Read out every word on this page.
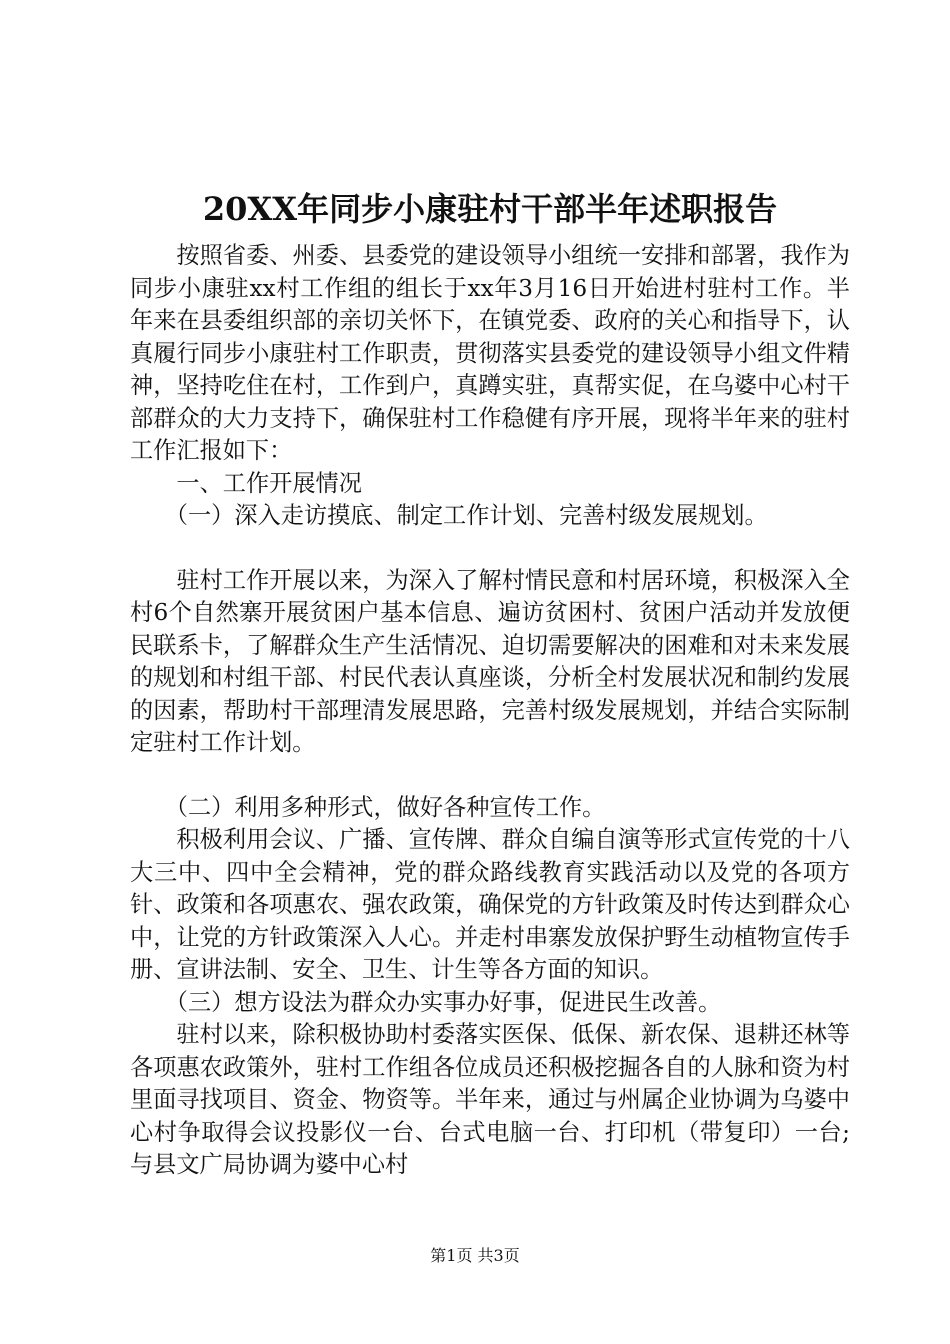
20XX年同步小康驻村干部半年述职报告

按照省委、州委、县委党的建设领导小组统一安排和部署，我作为同步小康驻xx村工作组的组长于xx年3月16日开始进村驻村工作。半年来在县委组织部的亲切关怀下，在镇党委、政府的关心和指导下，认真履行同步小康驻村工作职责，贯彻落实县委党的建设领导小组文件精神，坚持吃住在村，工作到户，真蹲实驻，真帮实促，在乌婆中心村干部群众的大力支持下，确保驻村工作稳健有序开展，现将半年来的驻村工作汇报如下：

一、工作开展情况

（一）深入走访摸底、制定工作计划、完善村级发展规划。

驻村工作开展以来，为深入了解村情民意和村居环境，积极深入全村6个自然寨开展贫困户基本信息、遍访贫困村、贫困户活动并发放便民联系卡，了解群众生产生活情况、迫切需要解决的困难和对未来发展的规划和村组干部、村民代表认真座谈，分析全村发展状况和制约发展的因素，帮助村干部理清发展思路，完善村级发展规划，并结合实际制定驻村工作计划。

（二）利用多种形式，做好各种宣传工作。

积极利用会议、广播、宣传牌、群众自编自演等形式宣传党的十八大三中、四中全会精神，党的群众路线教育实践活动以及党的各项方针、政策和各项惠农、强农政策，确保党的方针政策及时传达到群众心中，让党的方针政策深入人心。并走村串寨发放保护野生动植物宣传手册、宣讲法制、安全、卫生、计生等各方面的知识。

（三）想方设法为群众办实事办好事，促进民生改善。

驻村以来，除积极协助村委落实医保、低保、新农保、退耕还林等各项惠农政策外，驻村工作组各位成员还积极挖掘各自的人脉和资为村里面寻找项目、资金、物资等。半年来，通过与州属企业协调为乌婆中心村争取得会议投影仪一台、台式电脑一台、打印机（带复印）一台;与县文广局协调为婆中心村

第1页 共3页
